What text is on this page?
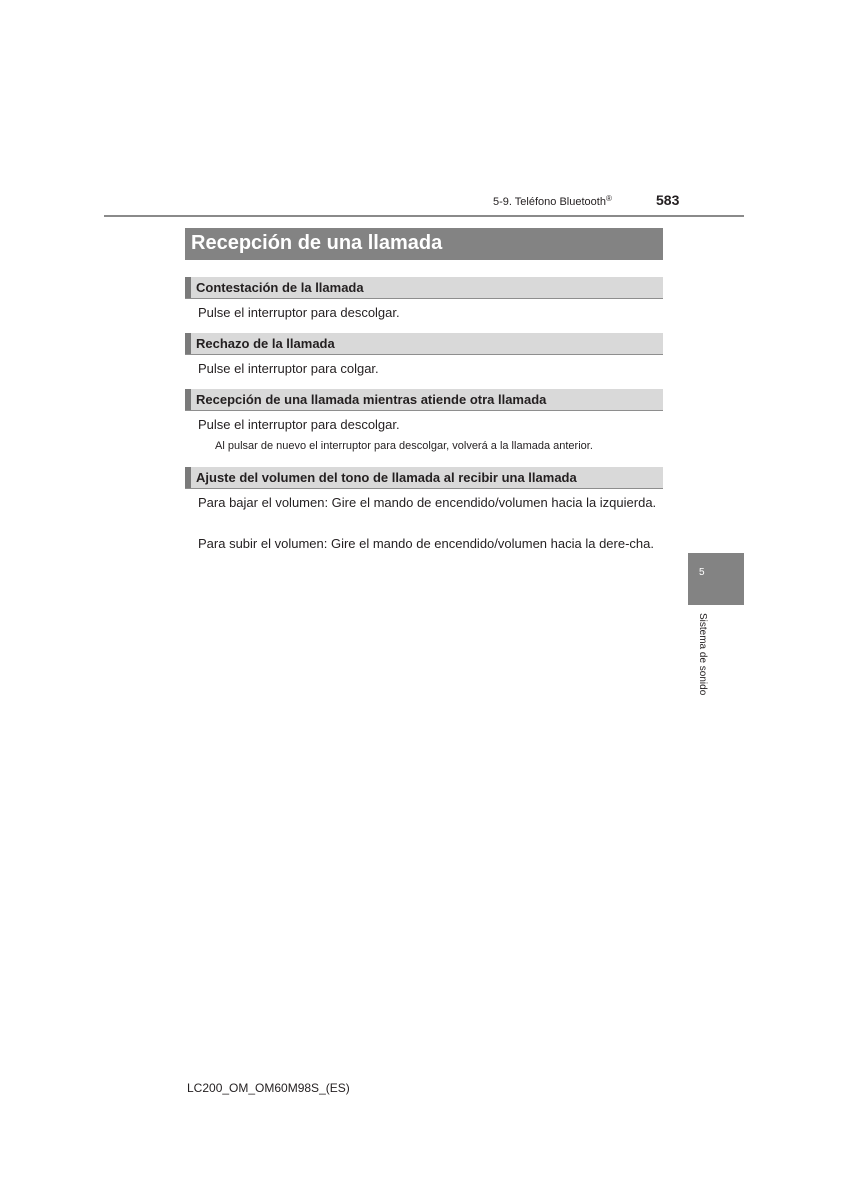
5-9. Teléfono Bluetooth®	583
Recepción de una llamada
Contestación de la llamada
Pulse el interruptor para descolgar.
Rechazo de la llamada
Pulse el interruptor para colgar.
Recepción de una llamada mientras atiende otra llamada
Pulse el interruptor para descolgar.
Al pulsar de nuevo el interruptor para descolgar, volverá a la llamada anterior.
Ajuste del volumen del tono de llamada al recibir una llamada
Para bajar el volumen: Gire el mando de encendido/volumen hacia la izquierda.
Para subir el volumen: Gire el mando de encendido/volumen hacia la dere-cha.
5
Sistema de sonido
LC200_OM_OM60M98S_(ES)
